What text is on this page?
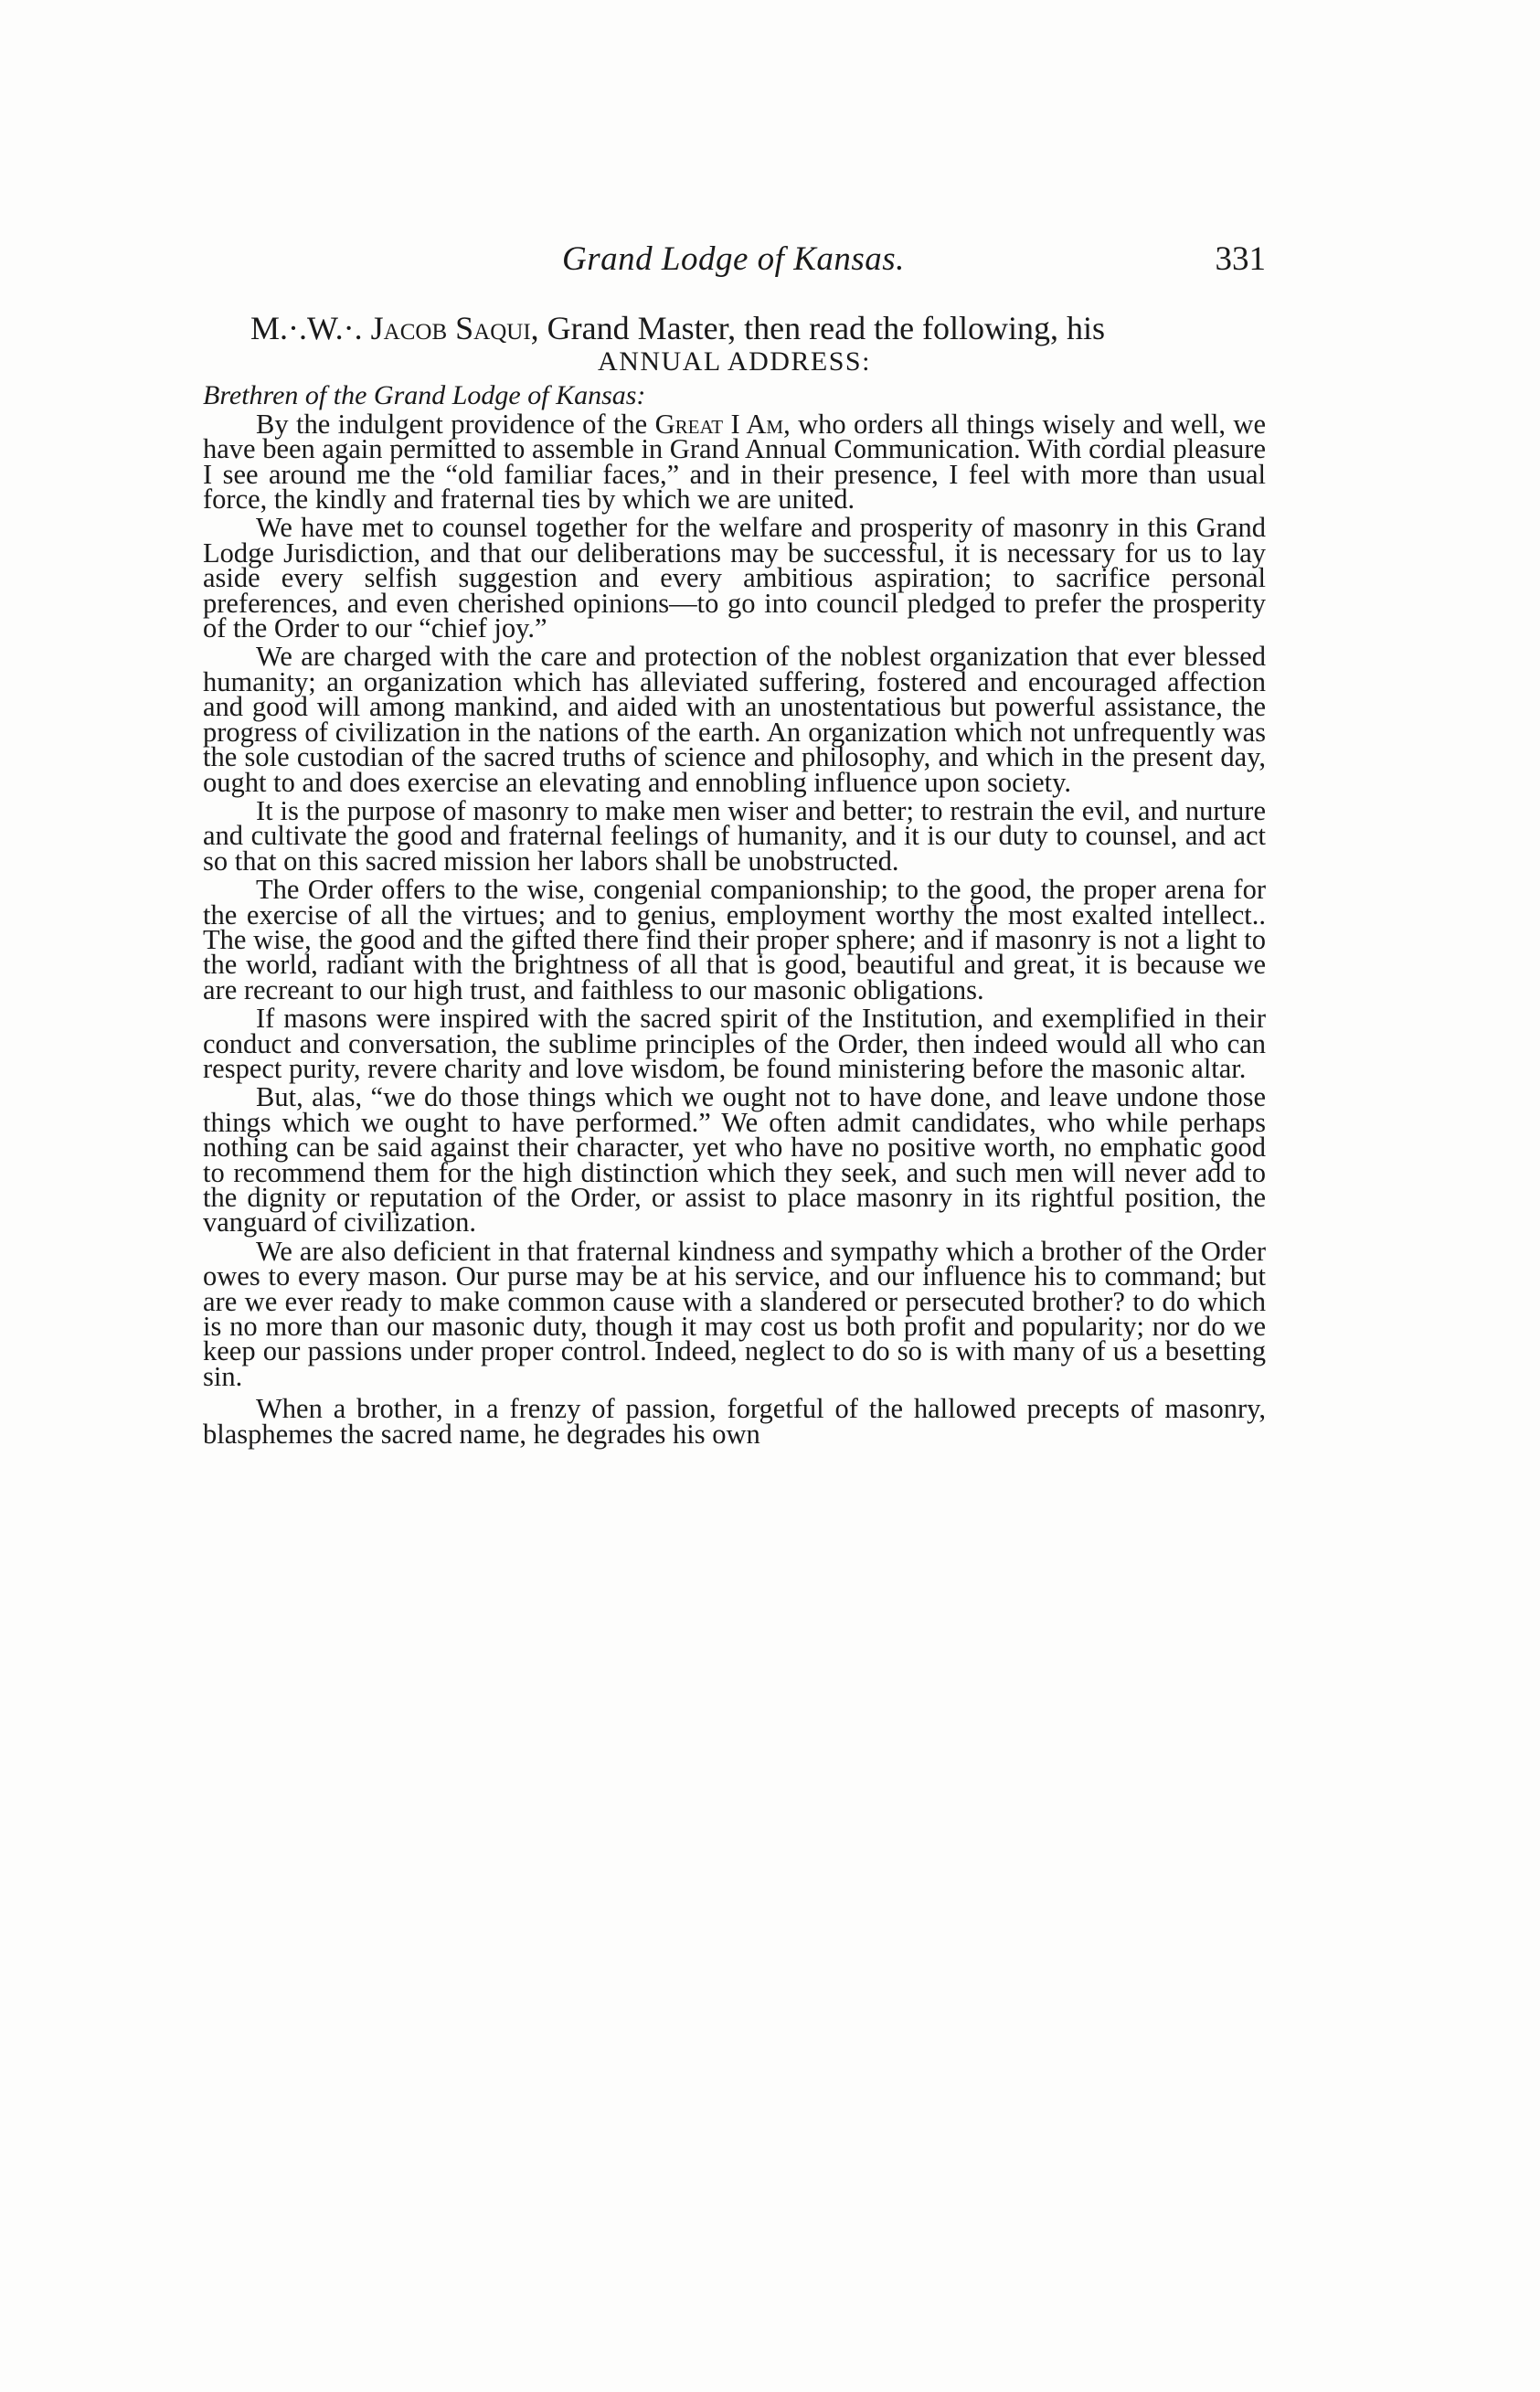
Grand Lodge of Kansas.	331

M.·.W.·. Jacob Saqui, Grand Master, then read the following, his

ANNUAL ADDRESS:
Brethren of the Grand Lodge of Kansas:

By the indulgent providence of the Great I Am, who orders all things wisely and well, we have been again permitted to assemble in Grand Annual Communication. With cordial pleasure I see around me the “old familiar faces,” and in their presence, I feel with more than usual force, the kindly and fraternal ties by which we are united.

We have met to counsel together for the welfare and prosperity of masonry in this Grand Lodge Jurisdiction, and that our deliberations may be successful, it is necessary for us to lay aside every selfish suggestion and every ambitious aspiration; to sacrifice personal preferences, and even cherished opinions—to go into council pledged to prefer the prosperity of the Order to our “chief joy.”

We are charged with the care and protection of the noblest organization that ever blessed humanity; an organization which has alleviated suffering, fostered and encouraged affection and good will among mankind, and aided with an unostentatious but powerful assistance, the progress of civilization in the nations of the earth. An organization which not unfrequently was the sole custodian of the sacred truths of science and philosophy, and which in the present day, ought to and does exercise an elevating and ennobling influence upon society.

It is the purpose of masonry to make men wiser and better; to restrain the evil, and nurture and cultivate the good and fraternal feelings of humanity, and it is our duty to counsel, and act so that on this sacred mission her labors shall be unobstructed.

The Order offers to the wise, congenial companionship; to the good, the proper arena for the exercise of all the virtues; and to genius, employment worthy the most exalted intellect.. The wise, the good and the gifted there find their proper sphere; and if masonry is not a light to the world, radiant with the brightness of all that is good, beautiful and great, it is because we are recreant to our high trust, and faithless to our masonic obligations.

If masons were inspired with the sacred spirit of the Institution, and exemplified in their conduct and conversation, the sublime principles of the Order, then indeed would all who can respect purity, revere charity and love wisdom, be found ministering before the masonic altar.

But, alas, “we do those things which we ought not to have done, and leave undone those things which we ought to have performed.” We often admit candidates, who while perhaps nothing can be said against their character, yet who have no positive worth, no emphatic good to recommend them for the high distinction which they seek, and such men will never add to the dignity or reputation of the Order, or assist to place masonry in its rightful position, the vanguard of civilization.

We are also deficient in that fraternal kindness and sympathy which a brother of the Order owes to every mason. Our purse may be at his service, and our influence his to command; but are we ever ready to make common cause with a slandered or persecuted brother? to do which is no more than our masonic duty, though it may cost us both profit and popularity; nor do we keep our passions under proper control. Indeed, neglect to do so is with many of us a besetting sin.

When a brother, in a frenzy of passion, forgetful of the hallowed precepts of masonry, blasphemes the sacred name, he degrades his own
